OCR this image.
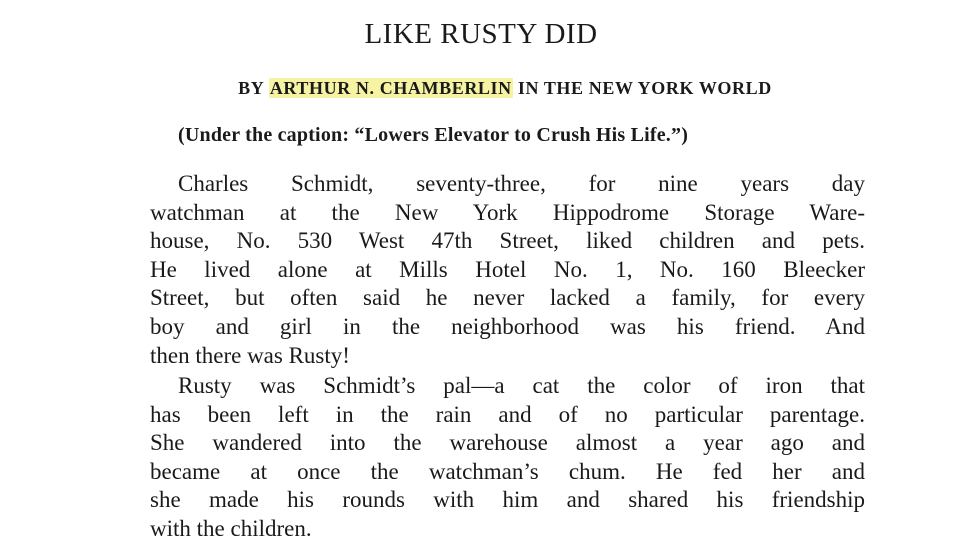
LIKE RUSTY DID
BY ARTHUR N. CHAMBERLIN IN THE NEW YORK WORLD
(Under the caption: “Lowers Elevator to Crush His Life.”)
Charles Schmidt, seventy-three, for nine years day
watchman at the New York Hippodrome Storage Ware-
house, No. 530 West 47th Street, liked children and pets.
He lived alone at Mills Hotel No. 1, No. 160 Bleecker
Street, but often said he never lacked a family, for every
boy and girl in the neighborhood was his friend. And
then there was Rusty!
Rusty was Schmidt’s pal—a cat the color of iron that
has been left in the rain and of no particular parentage.
She wandered into the warehouse almost a year ago and
became at once the watchman’s chum. He fed her and
she made his rounds with him and shared his friendship
with the children.
